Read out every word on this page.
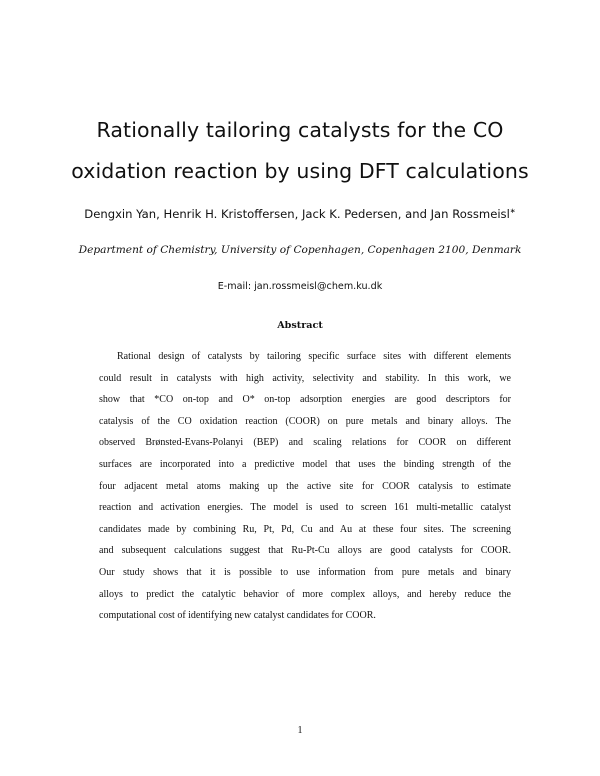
Rationally tailoring catalysts for the CO
oxidation reaction by using DFT calculations
Dengxin Yan, Henrik H. Kristoffersen, Jack K. Pedersen, and Jan Rossmeisl∗
Department of Chemistry, University of Copenhagen, Copenhagen 2100, Denmark
E-mail: jan.rossmeisl@chem.ku.dk
Abstract
Rational design of catalysts by tailoring specific surface sites with different elements
could result in catalysts with high activity, selectivity and stability. In this work, we
show that *CO on-top and O* on-top adsorption energies are good descriptors for
catalysis of the CO oxidation reaction (COOR) on pure metals and binary alloys. The
observed Brønsted-Evans-Polanyi (BEP) and scaling relations for COOR on different
surfaces are incorporated into a predictive model that uses the binding strength of the
four adjacent metal atoms making up the active site for COOR catalysis to estimate
reaction and activation energies. The model is used to screen 161 multi-metallic catalyst
candidates made by combining Ru, Pt, Pd, Cu and Au at these four sites. The screening
and subsequent calculations suggest that Ru-Pt-Cu alloys are good catalysts for COOR.
Our study shows that it is possible to use information from pure metals and binary
alloys to predict the catalytic behavior of more complex alloys, and hereby reduce the
computational cost of identifying new catalyst candidates for COOR.
1
